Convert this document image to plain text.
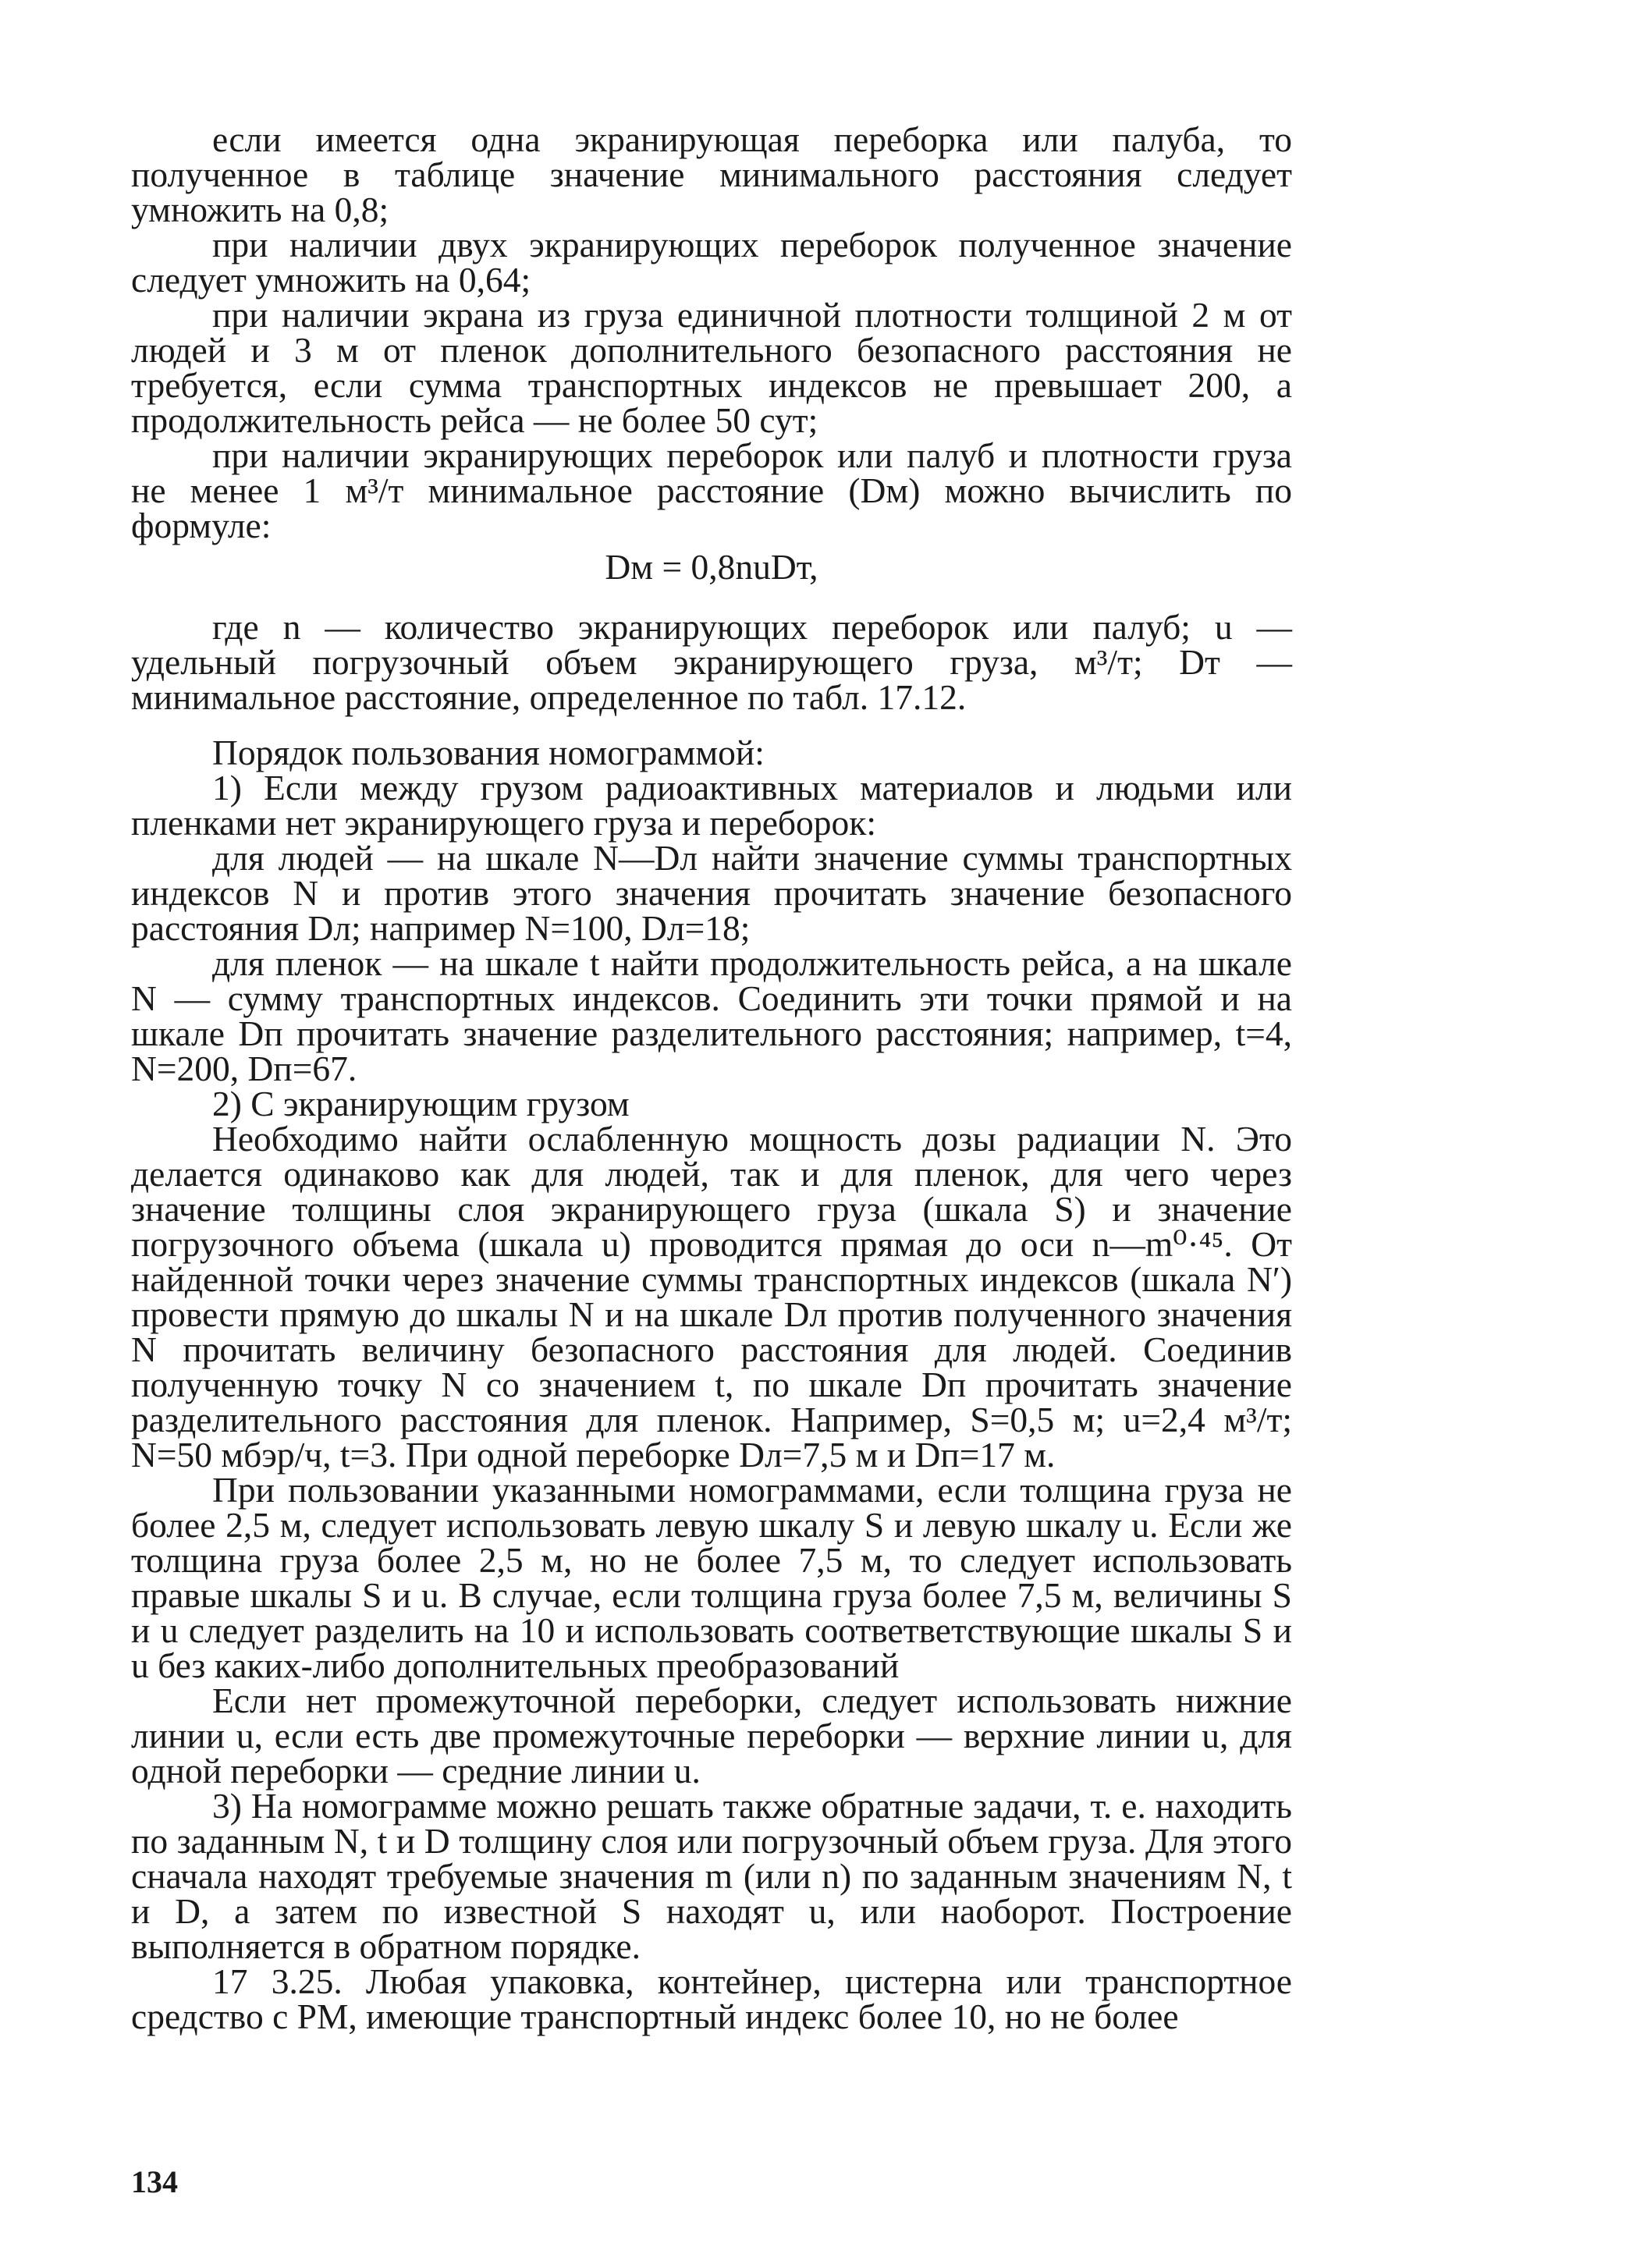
если имеется одна экранирующая переборка или палуба, то полученное в таблице значение минимального расстояния следует умножить на 0,8;

при наличии двух экранирующих переборок полученное значение следует умножить на 0,64;

при наличии экрана из груза единичной плотности толщиной 2 м от людей и 3 м от пленок дополнительного безопасного расстояния не требуется, если сумма транспортных индексов не превышает 200, а продолжительность рейса — не более 50 сут;

при наличии экранирующих переборок или палуб и плотности груза не менее 1 м³/т минимальное расстояние (Dм) можно вычислить по формуле:

Dм = 0,8nuDт,

где n — количество экранирующих переборок или палуб; u — удельный погрузочный объем экранирующего груза, м³/т; Dт — минимальное расстояние, определенное по табл. 17.12.

Порядок пользования номограммой:

1) Если между грузом радиоактивных материалов и людьми или пленками нет экранирующего груза и переборок:

для людей — на шкале N—Dл найти значение суммы транспортных индексов N и против этого значения прочитать значение безопасного расстояния Dл; например N=100, Dл=18;

для пленок — на шкале t найти продолжительность рейса, а на шкале N — сумму транспортных индексов. Соединить эти точки прямой и на шкале Dп прочитать значение разделительного расстояния; например, t=4, N=200, Dп=67.

2) С экранирующим грузом

Необходимо найти ослабленную мощность дозы радиации N. Это делается одинаково как для людей, так и для пленок, для чего через значение толщины слоя экранирующего груза (шкала S) и значение погрузочного объема (шкала u) проводится прямая до оси n—m⁰·⁴⁵. От найденной точки через значение суммы транспортных индексов (шкала N′) провести прямую до шкалы N и на шкале Dл против полученного значения N прочитать величину безопасного расстояния для людей. Соединив полученную точку N со значением t, по шкале Dп прочитать значение разделительного расстояния для пленок. Например, S=0,5 м; u=2,4 м³/т; N=50 мбэр/ч, t=3. При одной переборке Dл=7,5 м и Dп=17 м.

При пользовании указанными номограммами, если толщина груза не более 2,5 м, следует использовать левую шкалу S и левую шкалу u. Если же толщина груза более 2,5 м, но не более 7,5 м, то следует использовать правые шкалы S и u. В случае, если толщина груза более 7,5 м, величины S и u следует разделить на 10 и использовать соответветствующие шкалы S и u без каких-либо дополнительных преобразований

Если нет промежуточной переборки, следует использовать нижние линии u, если есть две промежуточные переборки — верхние линии u, для одной переборки — средние линии u.

3) На номограмме можно решать также обратные задачи, т. е. находить по заданным N, t и D толщину слоя или погрузочный объем груза. Для этого сначала находят требуемые значения m (или n) по заданным значениям N, t и D, а затем по известной S находят u, или наоборот. Построение выполняется в обратном порядке.

17 3.25. Любая упаковка, контейнер, цистерна или транспортное средство с РМ, имеющие транспортный индекс более 10, но не более

134
